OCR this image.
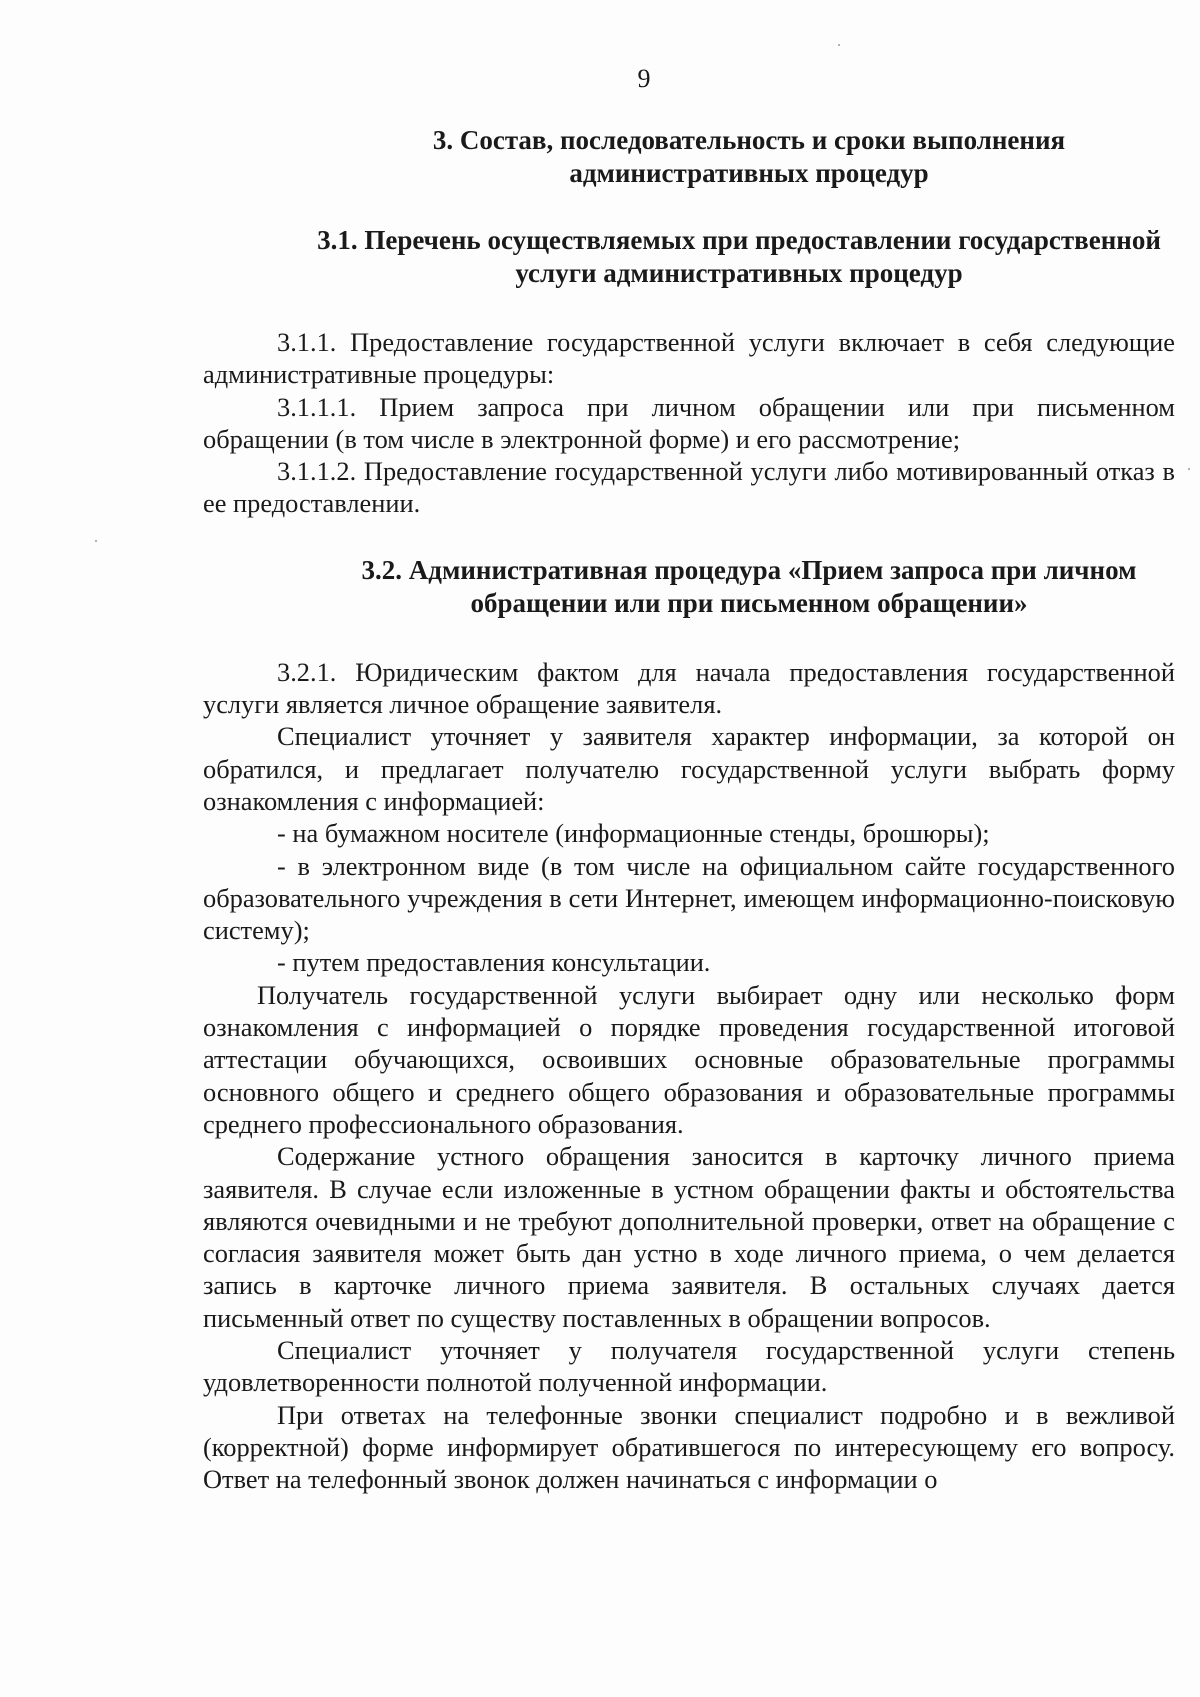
9
3. Состав, последовательность и сроки выполнения
административных процедур
3.1. Перечень осуществляемых при предоставлении государственной
услуги административных процедур

3.1.1. Предоставление государственной услуги включает в себя следующие административные процедуры:

3.1.1.1. Прием запроса при личном обращении или при письменном обращении (в том числе в электронной форме) и его рассмотрение;

3.1.1.2. Предоставление государственной услуги либо мотивированный отказ в ее предоставлении.

3.2. Административная процедура «Прием запроса при личном
обращении или при письменном обращении»

3.2.1. Юридическим фактом для начала предоставления государственной услуги является личное обращение заявителя.

Специалист уточняет у заявителя характер информации, за которой он обратился, и предлагает получателю государственной услуги выбрать форму ознакомления с информацией:

- на бумажном носителе (информационные стенды, брошюры);

- в электронном виде (в том числе на официальном сайте государственного образовательного учреждения в сети Интернет, имеющем информационно-поисковую систему);

- путем предоставления консультации.

Получатель государственной услуги выбирает одну или несколько форм ознакомления с информацией о порядке проведения государственной итоговой аттестации обучающихся, освоивших основные образовательные программы основного общего и среднего общего образования и образовательные программы среднего профессионального образования.

Содержание устного обращения заносится в карточку личного приема заявителя. В случае если изложенные в устном обращении факты и обстоятельства являются очевидными и не требуют дополнительной проверки, ответ на обращение с согласия заявителя может быть дан устно в ходе личного приема, о чем делается запись в карточке личного приема заявителя. В остальных случаях дается письменный ответ по существу поставленных в обращении вопросов.

Специалист уточняет у получателя государственной услуги степень удовлетворенности полнотой полученной информации.

При ответах на телефонные звонки специалист подробно и в вежливой (корректной) форме информирует обратившегося по интересующему его вопросу. Ответ на телефонный звонок должен начинаться с информации о
